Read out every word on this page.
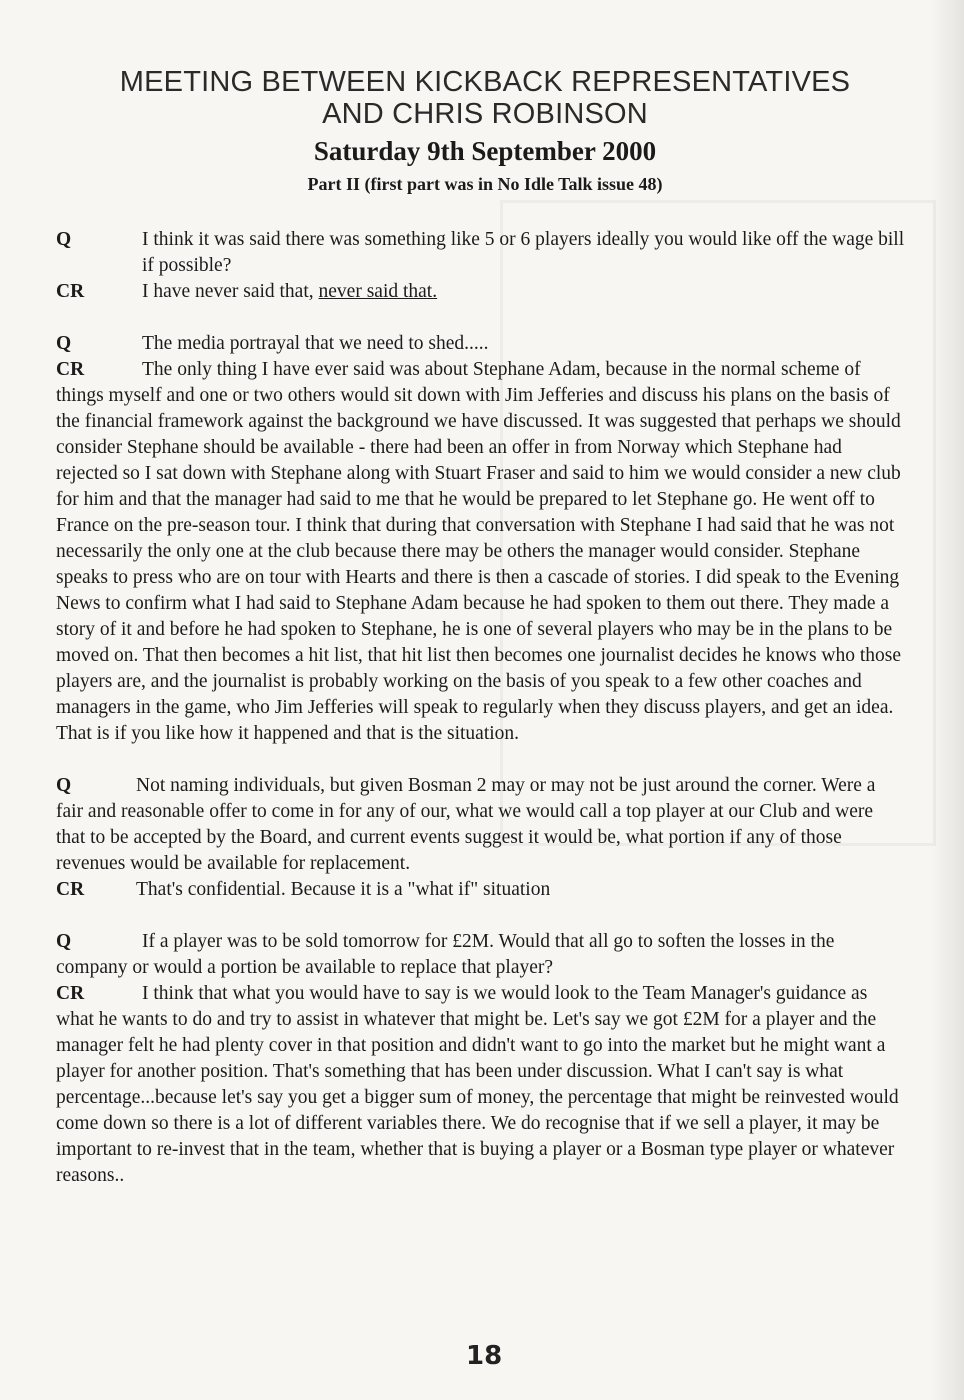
MEETING BETWEEN KICKBACK REPRESENTATIVES
AND CHRIS ROBINSON
Saturday 9th September 2000
Part II (first part was in No Idle Talk issue 48)
Q	I think it was said there was something like 5 or 6 players ideally you would like off the wage bill if possible?
CR	I have never said that, never said that.
Q	The media portrayal that we need to shed.....
CR	The only thing I have ever said was about Stephane Adam, because in the normal scheme of things myself and one or two others would sit down with Jim Jefferies and discuss his plans on the basis of the financial framework against the background we have discussed. It was suggested that perhaps we should consider Stephane should be available - there had been an offer in from Norway which Stephane had rejected so I sat down with Stephane along with Stuart Fraser and said to him we would consider a new club for him and that the manager had said to me that he would be prepared to let Stephane go. He went off to France on the pre-season tour. I think that during that conversation with Stephane I had said that he was not necessarily the only one at the club because there may be others the manager would consider. Stephane speaks to press who are on tour with Hearts and there is then a cascade of stories. I did speak to the Evening News to confirm what I had said to Stephane Adam because he had spoken to them out there. They made a story of it and before he had spoken to Stephane, he is one of several players who may be in the plans to be moved on. That then becomes a hit list, that hit list then becomes one journalist decides he knows who those players are, and the journalist is probably working on the basis of you speak to a few other coaches and managers in the game, who Jim Jefferies will speak to regularly when they discuss players, and get an idea. That is if you like how it happened and that is the situation.
Q	Not naming individuals, but given Bosman 2 may or may not be just around the corner. Were a fair and reasonable offer to come in for any of our, what we would call a top player at our Club and were that to be accepted by the Board, and current events suggest it would be, what portion if any of those revenues would be available for replacement.
CR	That's confidential. Because it is a "what if" situation
Q	If a player was to be sold tomorrow for £2M. Would that all go to soften the losses in the company or would a portion be available to replace that player?
CR	I think that what you would have to say is we would look to the Team Manager's guidance as what he wants to do and try to assist in whatever that might be. Let's say we got £2M for a player and the manager felt he had plenty cover in that position and didn't want to go into the market but he might want a player for another position. That's something that has been under discussion. What I can't say is what percentage...because let's say you get a bigger sum of money, the percentage that might be reinvested would come down so there is a lot of different variables there. We do recognise that if we sell a player, it may be important to re-invest that in the team, whether that is buying a player or a Bosman type player or whatever reasons..
18
